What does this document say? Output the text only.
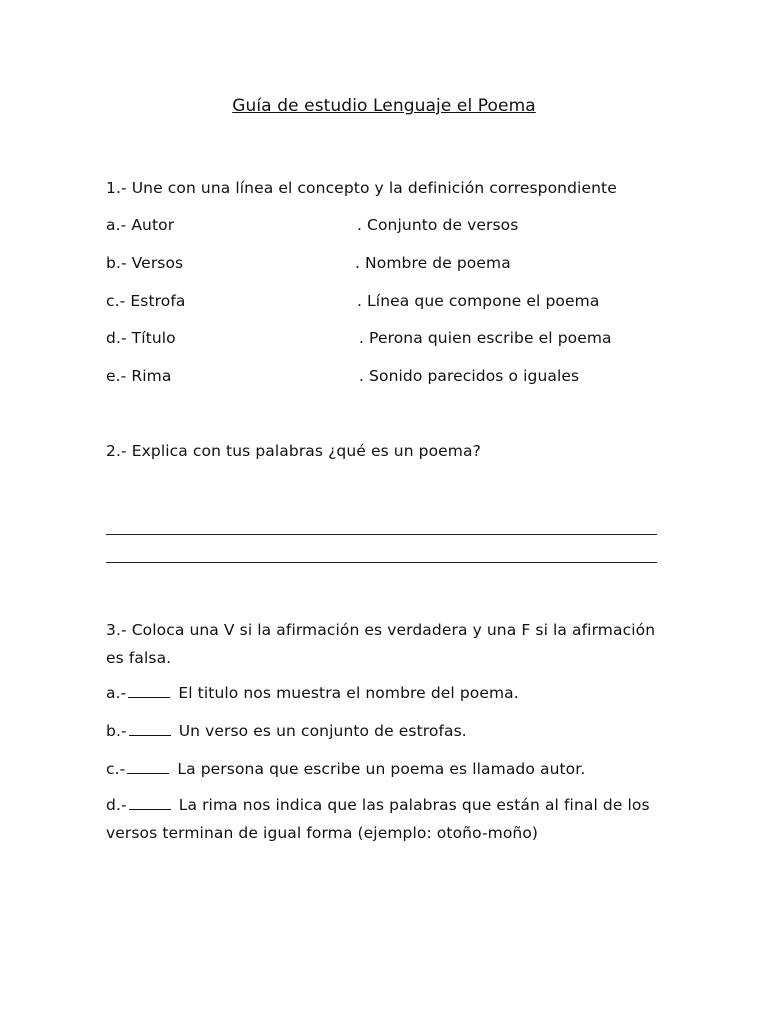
Guía de estudio Lenguaje el Poema
1.- Une con una línea el concepto y la definición correspondiente
a.- Autor	. Conjunto de versos
b.- Versos	. Nombre de poema
c.- Estrofa	. Línea que compone el poema
d.- Título	. Perona quien escribe el poema
e.- Rima	. Sonido parecidos o iguales
2.- Explica con tus palabras ¿qué es un poema?
3.- Coloca una V si la afirmación es verdadera y una F si la afirmación es falsa.
a.-	El titulo nos muestra el nombre del poema.
b.-	Un verso es un conjunto de estrofas.
c.-	La persona que escribe un poema es llamado autor.
d.-	La rima nos indica que las palabras que están al final de los versos terminan de igual forma (ejemplo: otoño-moño)
